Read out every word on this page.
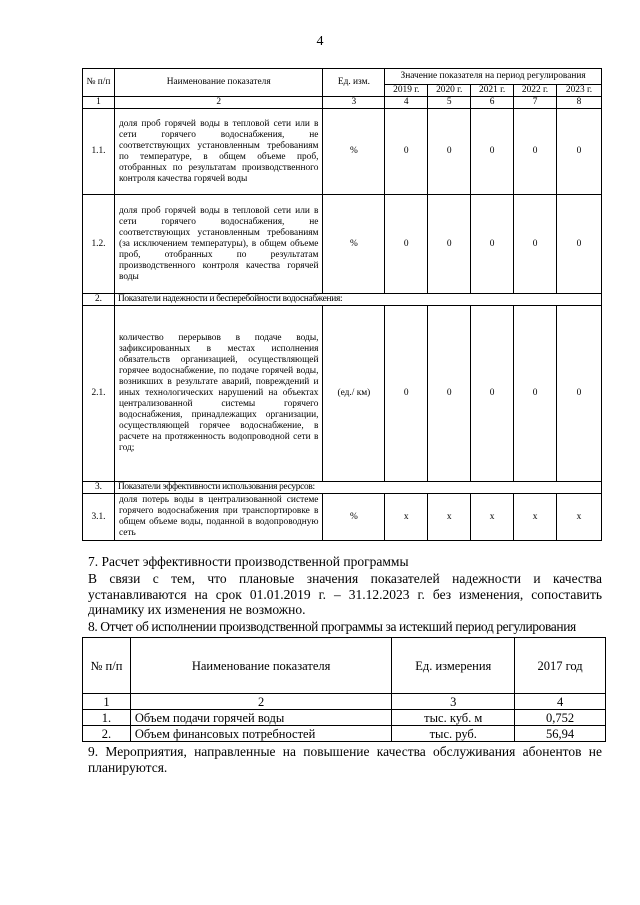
4
№ п/п	Наименование показателя	Ед. изм.	Значение показателя на период регулирования				
			2019 г.	2020 г.	2021 г.	2022 г.	2023 г.
1	2	3	4	5	6	7	8
1.1.	доля проб горячей воды в тепловой сети или в сети горячего водоснабжения, не соответствующих установленным требованиям по температуре, в общем объеме проб, отобранных по результатам производственного контроля качества горячей воды	%	0	0	0	0	0
1.2.	доля проб горячей воды в тепловой сети или в сети горячего водоснабжения, не соответствующих установленным требованиям (за исключением температуры), в общем объеме проб, отобранных по результатам производственного контроля качества горячей воды	%	0	0	0	0	0
2.	Показатели надежности и бесперебойности водоснабжения:						
2.1.	количество перерывов в подаче воды, зафиксированных в местах исполнения обязательств организацией, осуществляющей горячее водоснабжение, по подаче горячей воды, возникших в результате аварий, повреждений и иных технологических нарушений на объектах централизованной системы горячего водоснабжения, принадлежащих организации, осуществляющей горячее водоснабжение, в расчете на протяженность водопроводной сети в год;	(ед./ км)	0	0	0	0	0
3.	Показатели эффективности использования ресурсов:						
3.1.	доля потерь воды в централизованной системе горячего водоснабжения при транспортировке в общем объеме воды, поданной в водопроводную сеть	%	х	х	х	х	х
7. Расчет эффективности производственной программы
В связи с тем, что плановые значения показателей надежности и качества устанавливаются на срок 01.01.2019 г. – 31.12.2023 г. без изменения, сопоставить динамику их изменения не возможно.
8. Отчет об исполнении производственной программы за истекший период регулирования
№ п/п	Наименование показателя	Ед. измерения	2017 год
1	2	3	4
1.	Объем подачи горячей воды	тыс. куб. м	0,752
2.	Объем финансовых потребностей	тыс. руб.	56,94
9. Мероприятия, направленные на повышение качества обслуживания абонентов не планируются.
